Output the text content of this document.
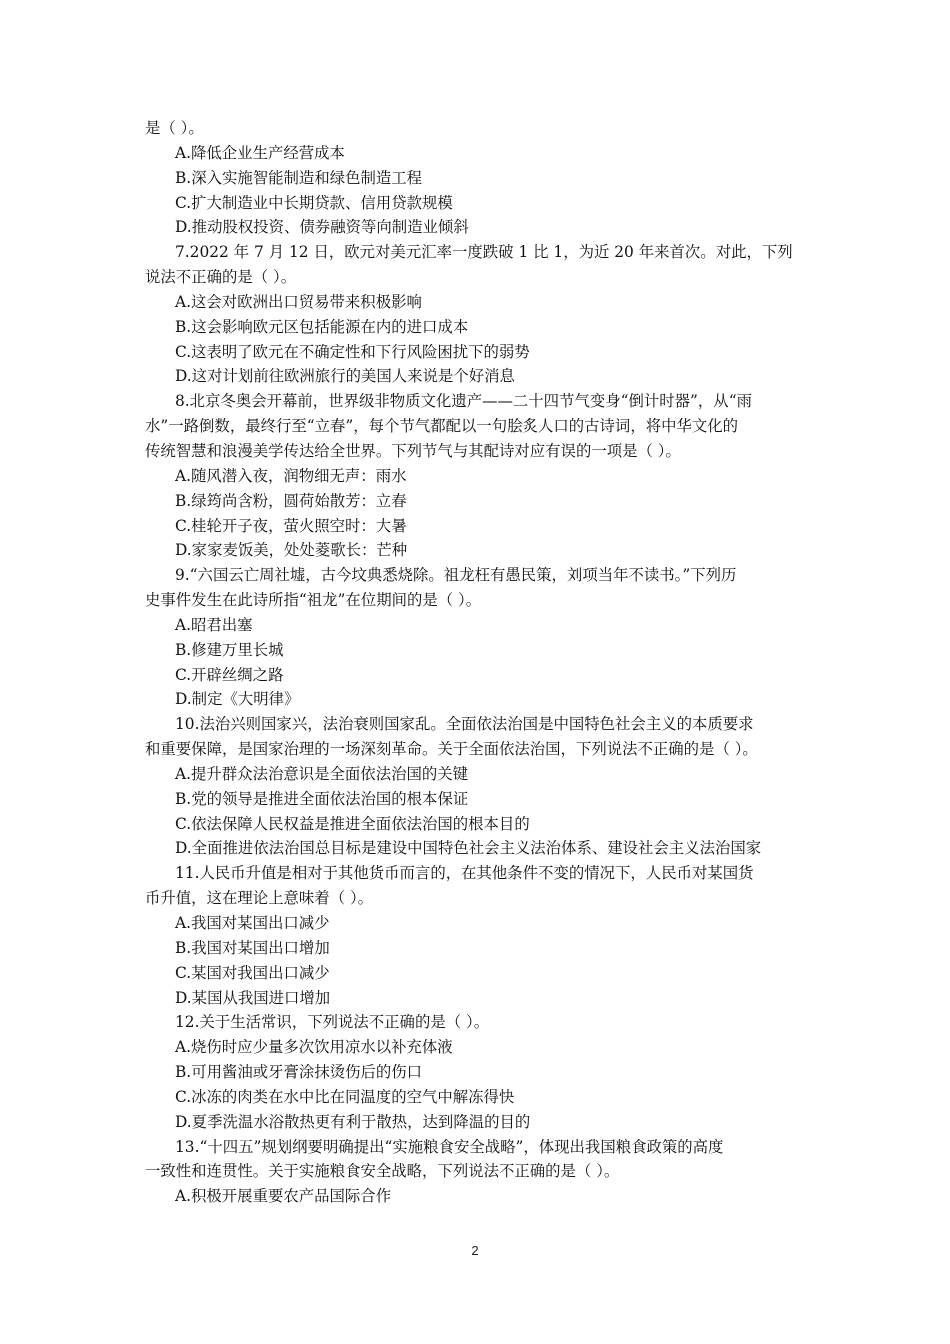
是（ ）。
A.降低企业生产经营成本
B.深入实施智能制造和绿色制造工程
C.扩大制造业中长期贷款、信用贷款规模
D.推动股权投资、债券融资等向制造业倾斜
7.2022 年 7 月 12 日，欧元对美元汇率一度跌破 1 比 1，为近 20 年来首次。对此，下列
说法不正确的是（ ）。
A.这会对欧洲出口贸易带来积极影响
B.这会影响欧元区包括能源在内的进口成本
C.这表明了欧元在不确定性和下行风险困扰下的弱势
D.这对计划前往欧洲旅行的美国人来说是个好消息
8.北京冬奥会开幕前，世界级非物质文化遗产——二十四节气变身“倒计时器”，从“雨
水”一路倒数，最终行至“立春”，每个节气都配以一句脍炙人口的古诗词，将中华文化的
传统智慧和浪漫美学传达给全世界。下列节气与其配诗对应有误的一项是（ ）。
A.随风潜入夜，润物细无声：雨水
B.绿筠尚含粉，圆荷始散芳：立春
C.桂轮开子夜，萤火照空时：大暑
D.家家麦饭美，处处菱歌长：芒种
9.“六国云亡周社墟，古今坟典悉烧除。祖龙枉有愚民策，刘项当年不读书。”下列历
史事件发生在此诗所指“祖龙”在位期间的是（ ）。
A.昭君出塞
B.修建万里长城
C.开辟丝绸之路
D.制定《大明律》
10.法治兴则国家兴，法治衰则国家乱。全面依法治国是中国特色社会主义的本质要求
和重要保障，是国家治理的一场深刻革命。关于全面依法治国，下列说法不正确的是（ ）。
A.提升群众法治意识是全面依法治国的关键
B.党的领导是推进全面依法治国的根本保证
C.依法保障人民权益是推进全面依法治国的根本目的
D.全面推进依法治国总目标是建设中国特色社会主义法治体系、建设社会主义法治国家
11.人民币升值是相对于其他货币而言的，在其他条件不变的情况下，人民币对某国货
币升值，这在理论上意味着（ ）。
A.我国对某国出口减少
B.我国对某国出口增加
C.某国对我国出口减少
D.某国从我国进口增加
12.关于生活常识，下列说法不正确的是（ ）。
A.烧伤时应少量多次饮用凉水以补充体液
B.可用酱油或牙膏涂抹烫伤后的伤口
C.冰冻的肉类在水中比在同温度的空气中解冻得快
D.夏季洗温水浴散热更有利于散热，达到降温的目的
13.“十四五”规划纲要明确提出“实施粮食安全战略”，体现出我国粮食政策的高度
一致性和连贯性。关于实施粮食安全战略，下列说法不正确的是（ ）。
A.积极开展重要农产品国际合作
2
